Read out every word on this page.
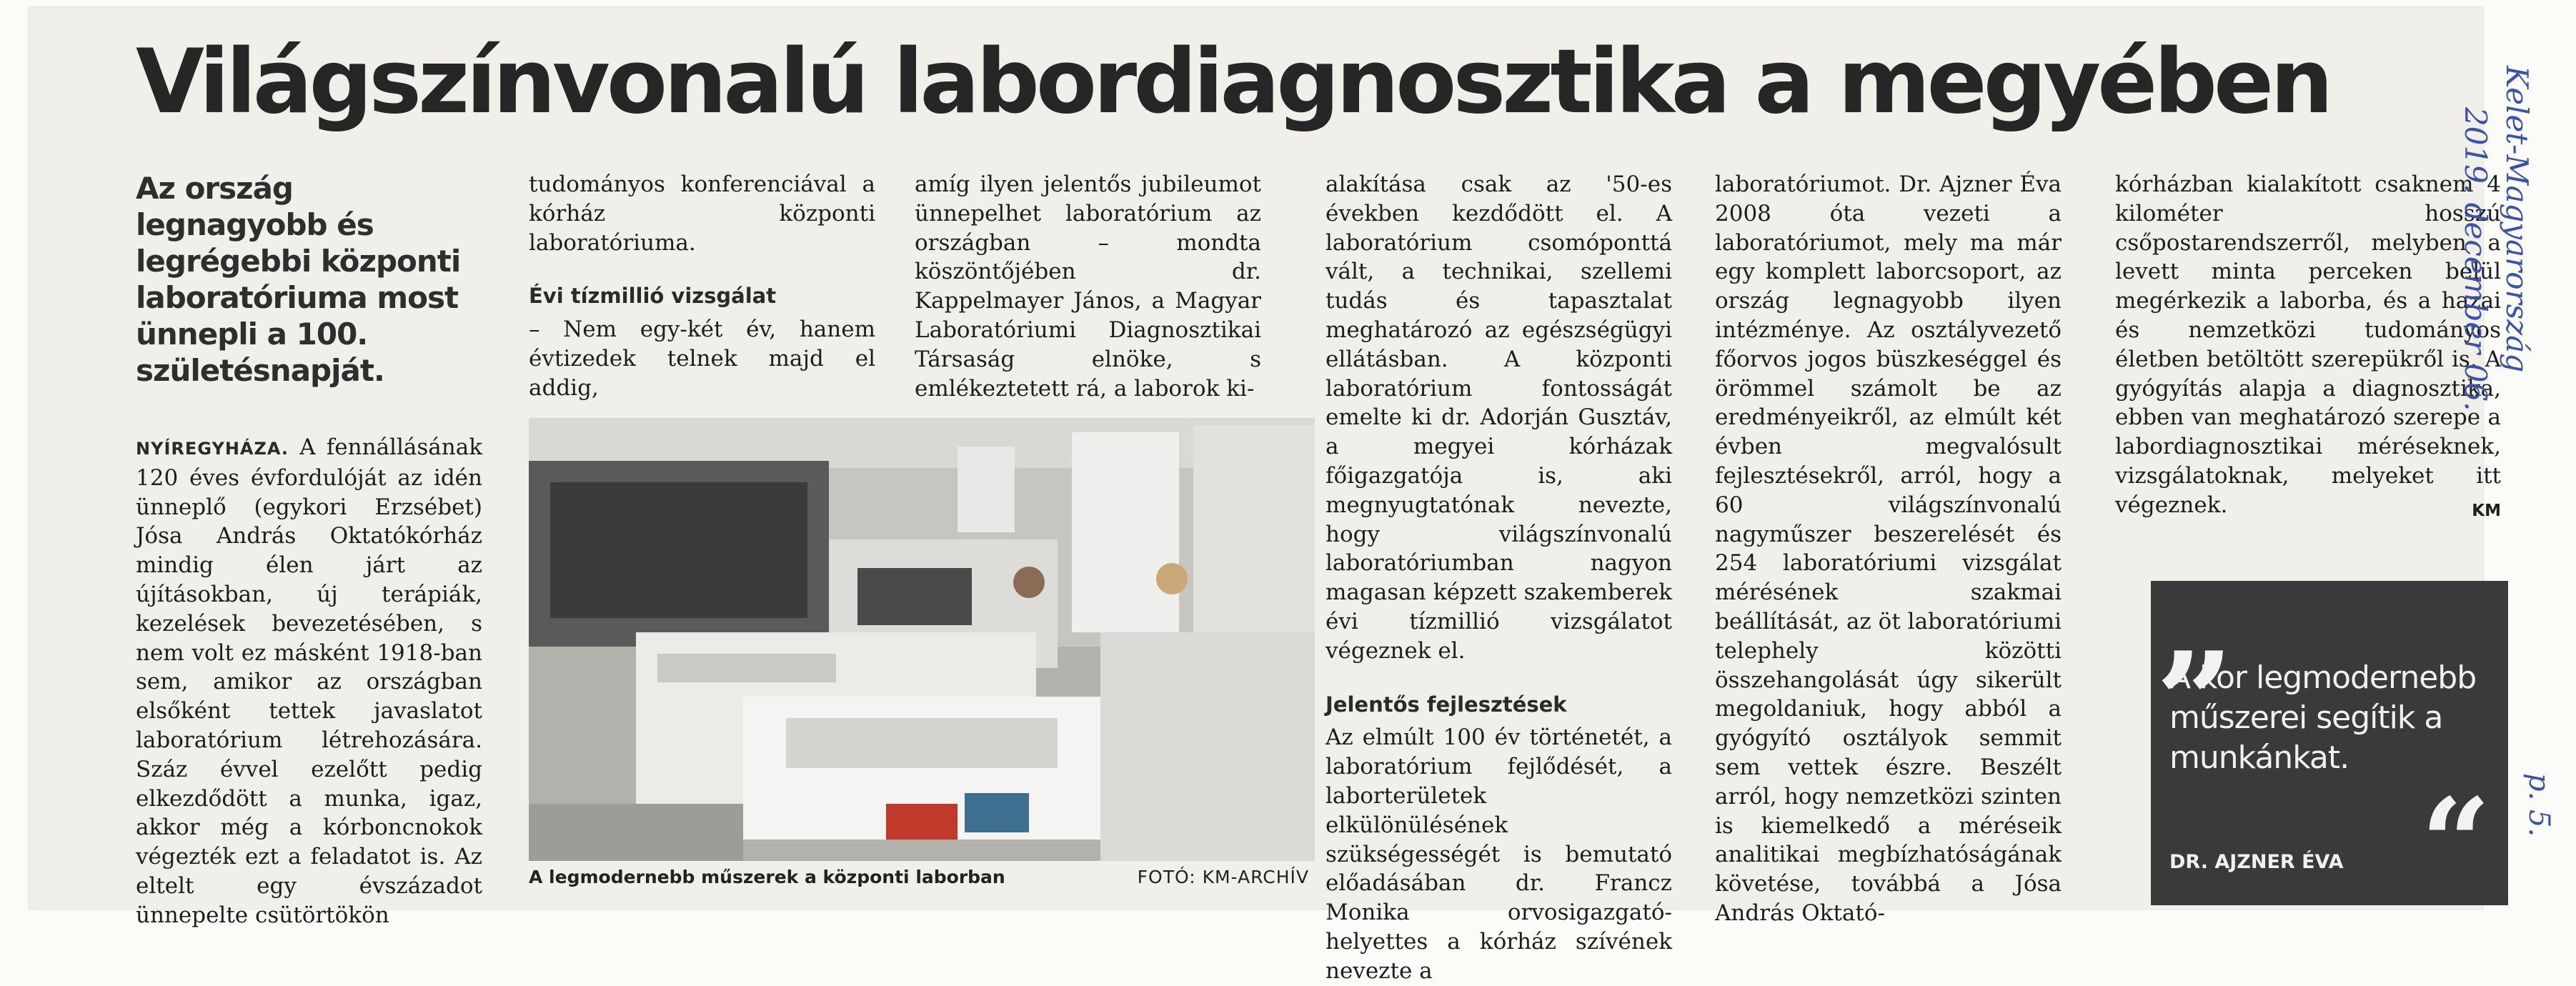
Világszínvonalú labordiagnosztika a megyében

Az ország legnagyobb és legrégebbi központi laboratóriuma most ünnepli a 100. születésnapját.

NYÍREGYHÁZA. A fennállásának 120 éves évfordulóját az idén ünneplő (egykori Erzsébet) Jósa András Oktatókórház mindig élen járt az újításokban, új terápiák, kezelések bevezetésében, s nem volt ez másként 1918-ban sem, amikor az országban elsőként tettek javaslatot laboratórium létrehozására. Száz évvel ezelőtt pedig elkezdődött a munka, igaz, akkor még a kórboncnokok végezték ezt a feladatot is. Az eltelt egy évszázadot ünnepelte csütörtökön

tudományos konferenciával a kórház központi laboratóriuma.

Évi tízmillió vizsgálat

– Nem egy-két év, hanem évtizedek telnek majd el addig,

amíg ilyen jelentős jubileumot ünnepelhet laboratórium az országban – mondta köszöntőjében dr. Kappelmayer János, a Magyar Laboratóriumi Diagnosztikai Társaság elnöke, s emlékeztetett rá, a laborok ki-

alakítása csak az '50-es években kezdődött el. A laboratórium csomóponttá vált, a technikai, szellemi tudás és tapasztalat meghatározó az egészségügyi ellátásban. A központi laboratórium fontosságát emelte ki dr. Adorján Gusztáv, a megyei kórházak főigazgatója is, aki megnyugtatónak nevezte, hogy világszínvonalú laboratóriumban nagyon magasan képzett szakemberek évi tízmillió vizsgálatot végeznek el.

Jelentős fejlesztések

Az elmúlt 100 év történetét, a laboratórium fejlődését, a laborterületek elkülönülésének szükségességét is bemutató előadásában dr. Francz Monika orvosigazgató-helyettes a kórház szívének nevezte a

laboratóriumot. Dr. Ajzner Éva 2008 óta vezeti a laboratóriumot, mely ma már egy komplett laborcsoport, az ország legnagyobb ilyen intézménye. Az osztályvezető főorvos jogos büszkeséggel és örömmel számolt be az eredményeikről, az elmúlt két évben megvalósult fejlesztésekről, arról, hogy a 60 világszínvonalú nagyműszer beszerelését és 254 laboratóriumi vizsgálat mérésének szakmai beállítását, az öt laboratóriumi telephely közötti összehangolását úgy sikerült megoldaniuk, hogy abból a gyógyító osztályok semmit sem vettek észre. Beszélt arról, hogy nemzetközi szinten is kiemelkedő a méréseik analitikai megbízhatóságának követése, továbbá a Jósa András Oktató-

kórházban kialakított csaknem 4 kilométer hosszú csőpostarendszerről, melyben a levett minta perceken belül megérkezik a laborba, és a hazai és nemzetközi tudományos életben betöltött szerepükről is. A gyógyítás alapja a diagnosztika, ebben van meghatározó szerepe a labordiagnosztikai méréseknek, vizsgálatoknak, melyeket itt végeznek.	KM

A legmodernebb műszerek a központi laborban	FOTÓ: KM-ARCHÍV
„
A kor legmodernebb műszerei segítik a munkánkat.
DR. AJZNER ÉVA “
Kelet-Magyarország
2019. december 06.
p. 5.
